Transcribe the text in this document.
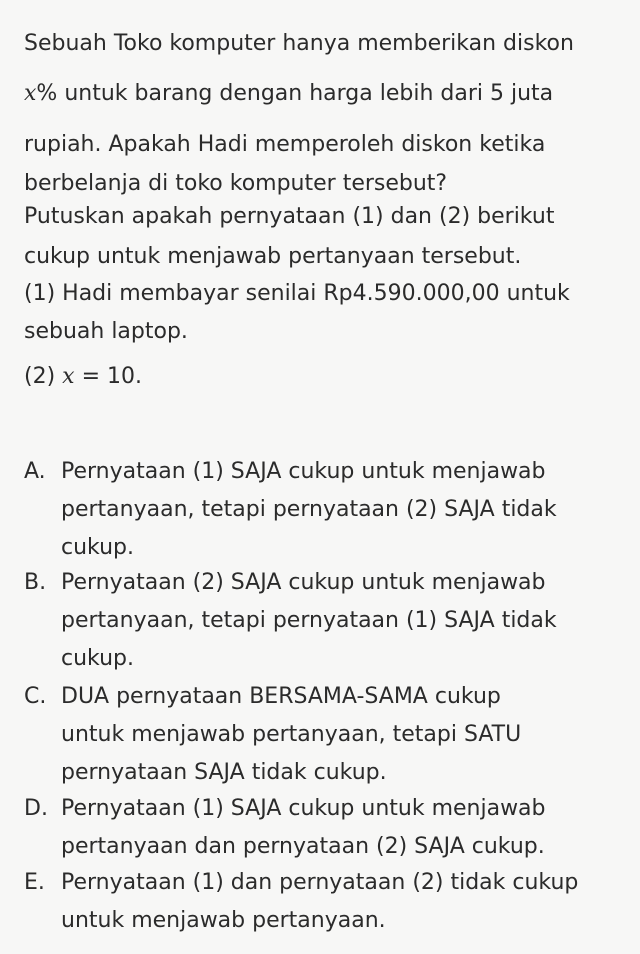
Sebuah Toko komputer hanya memberikan diskon
x% untuk barang dengan harga lebih dari 5 juta
rupiah. Apakah Hadi memperoleh diskon ketika
berbelanja di toko komputer tersebut?
Putuskan apakah pernyataan (1) dan (2) berikut
cukup untuk menjawab pertanyaan tersebut.
(1) Hadi membayar senilai Rp4.590.000,00 untuk
sebuah laptop.
(2) x = 10.
A. Pernyataan (1) SAJA cukup untuk menjawab
pertanyaan, tetapi pernyataan (2) SAJA tidak
cukup.
B. Pernyataan (2) SAJA cukup untuk menjawab
pertanyaan, tetapi pernyataan (1) SAJA tidak
cukup.
C. DUA pernyataan BERSAMA-SAMA cukup
untuk menjawab pertanyaan, tetapi SATU
pernyataan SAJA tidak cukup.
D. Pernyataan (1) SAJA cukup untuk menjawab
pertanyaan dan pernyataan (2) SAJA cukup.
E. Pernyataan (1) dan pernyataan (2) tidak cukup
untuk menjawab pertanyaan.
